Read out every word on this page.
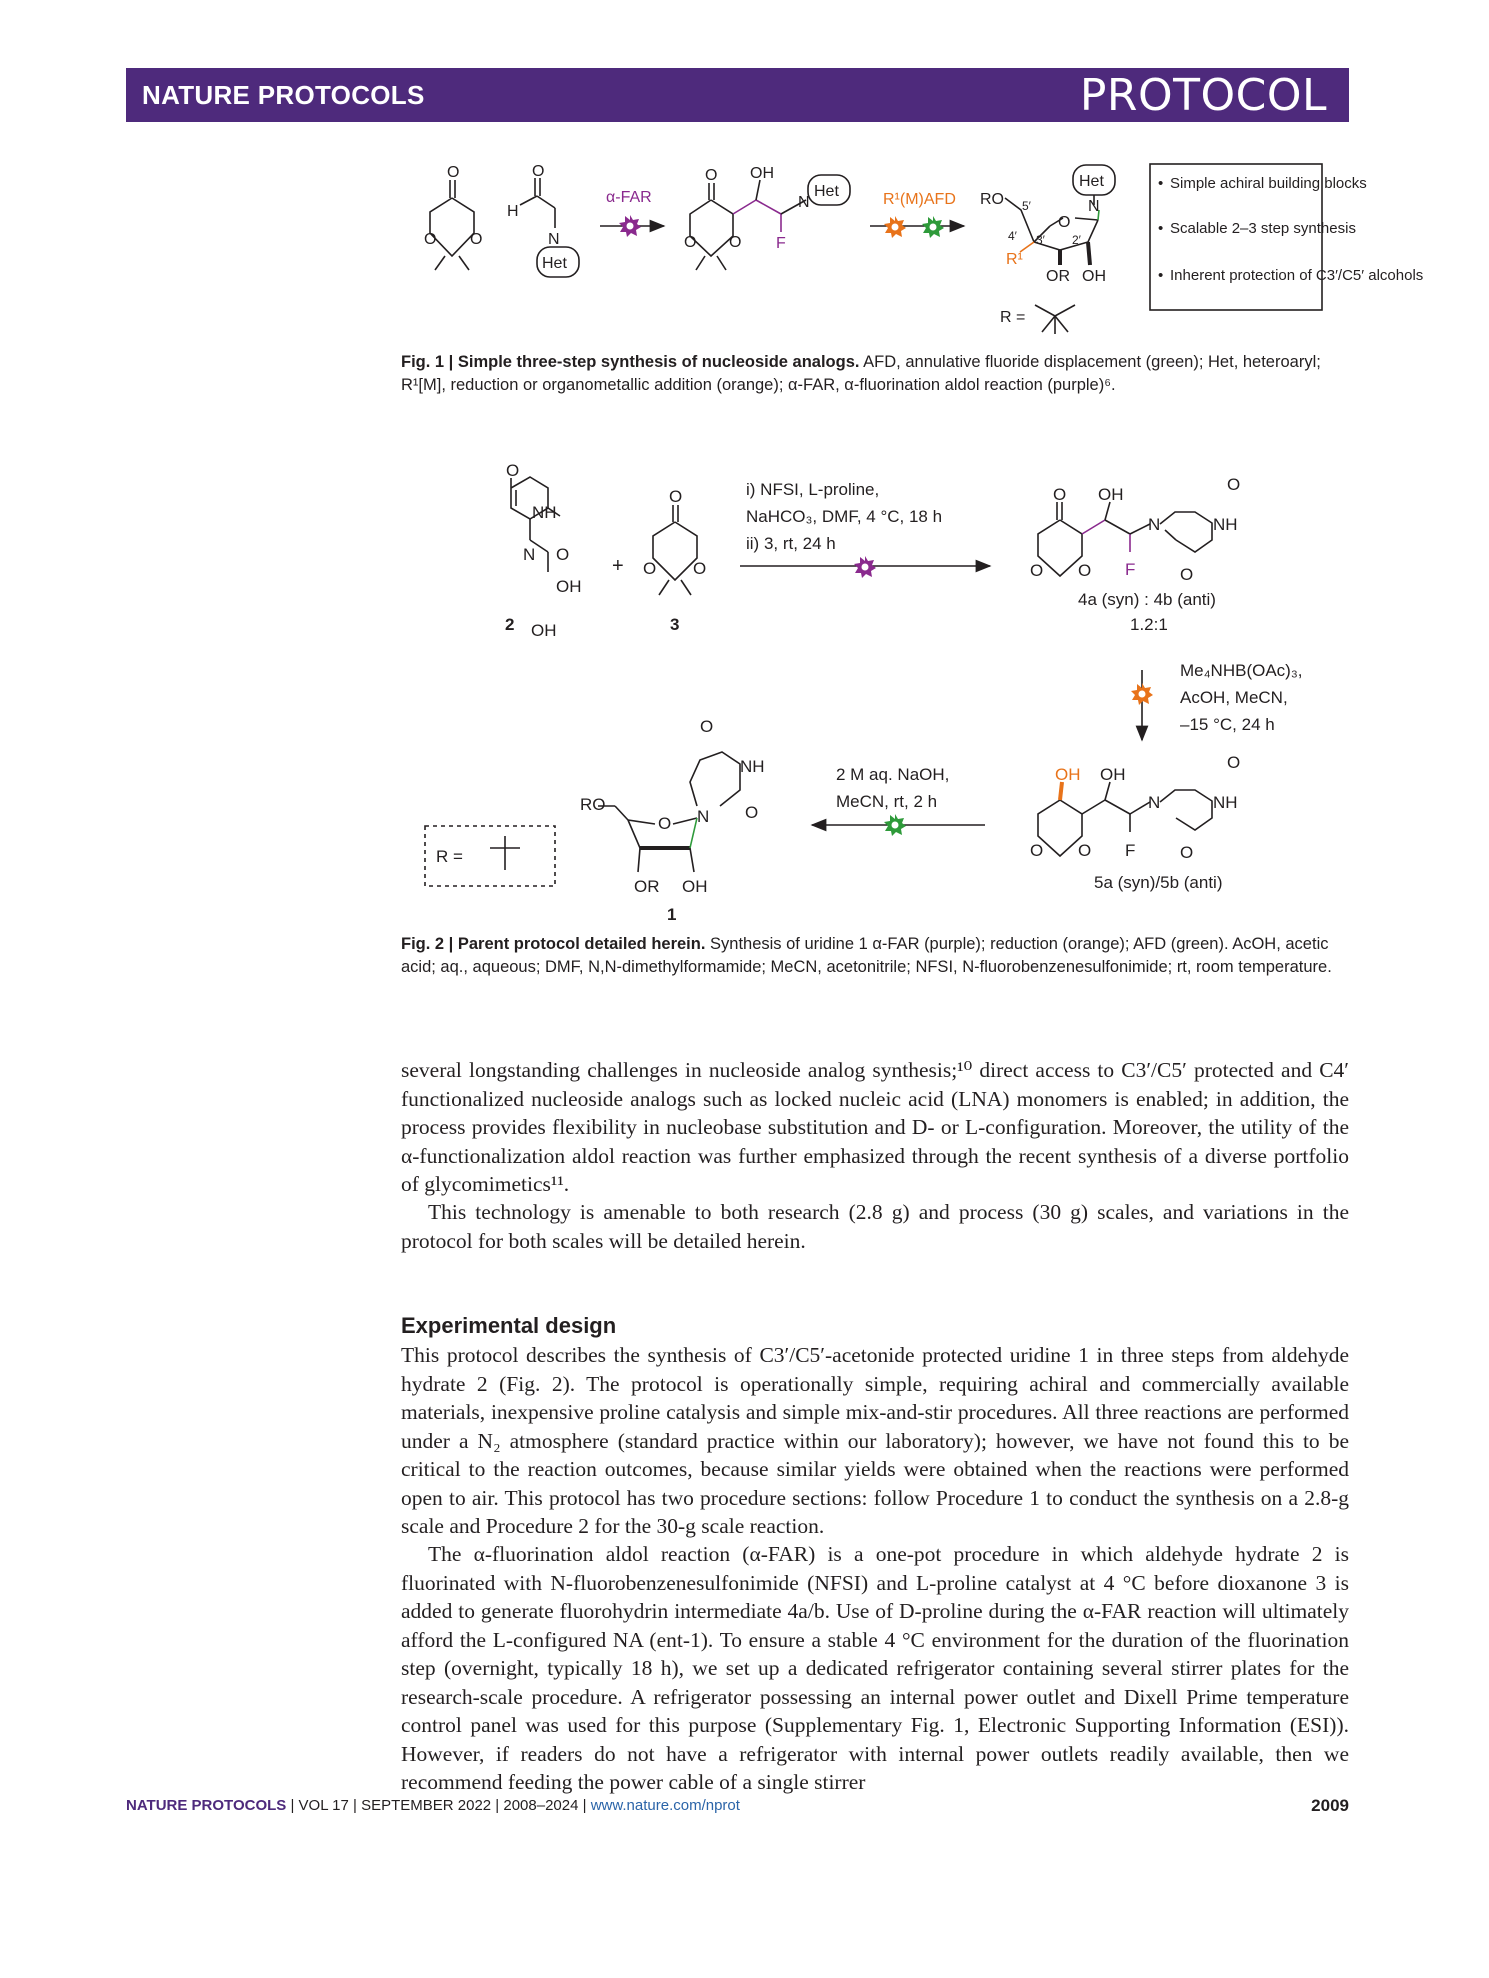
NATURE PROTOCOLS	PROTOCOL
O
O O
O
H
N
Het
O
O O
OH
F
N
Het	RO
O
N
Het
OR OH
R¹
R =
5′
4′ 3′ 2′
α-FAR	R¹(M)AFD
• Simple achiral building blocks
• Scalable 2–3 step synthesis
• Inherent protection of C3′/C5′ alcohols
O
NH
O
N
OH
OH
2
+
O
O O
3
i) NFSI, L-proline,
NaHCO₃, DMF, 4 °C, 18 h
ii) 3, rt, 24 h
O OH
N	NH
O
O
F
O O
4a (syn) : 4b (anti)
1.2:1
Me₄NHB(OAc)₃,
AcOH, MeCN,
–15 °C, 24 h
OH OH
N	NH
O
O
F
O O
5a (syn)/5b (anti)
2 M aq. NaOH,
MeCN, rt, 2 h
RO
O N
NH
O
O
OR OH
1
R =
Fig. 1 | Simple three-step synthesis of nucleoside analogs. AFD, annulative fluoride displacement (green); Het, heteroaryl; R¹[M], reduction or organometallic addition (orange); α-FAR, α-fluorination aldol reaction (purple)⁶.
Fig. 2 | Parent protocol detailed herein. Synthesis of uridine 1 α-FAR (purple); reduction (orange); AFD (green). AcOH, acetic acid; aq., aqueous; DMF, N,N-dimethylformamide; MeCN, acetonitrile; NFSI, N-fluorobenzenesulfonimide; rt, room temperature.

several longstanding challenges in nucleoside analog synthesis;¹⁰ direct access to C3′/C5′ protected and C4′ functionalized nucleoside analogs such as locked nucleic acid (LNA) monomers is enabled; in addition, the process provides flexibility in nucleobase substitution and D- or L-configuration. Moreover, the utility of the α-functionalization aldol reaction was further emphasized through the recent synthesis of a diverse portfolio of glycomimetics¹¹.

This technology is amenable to both research (2.8 g) and process (30 g) scales, and variations in the protocol for both scales will be detailed herein.

Experimental design

This protocol describes the synthesis of C3′/C5′-acetonide protected uridine 1 in three steps from aldehyde hydrate 2 (Fig. 2). The protocol is operationally simple, requiring achiral and commercially available materials, inexpensive proline catalysis and simple mix-and-stir procedures. All three reactions are performed under a N₂ atmosphere (standard practice within our laboratory); however, we have not found this to be critical to the reaction outcomes, because similar yields were obtained when the reactions were performed open to air. This protocol has two procedure sections: follow Procedure 1 to conduct the synthesis on a 2.8-g scale and Procedure 2 for the 30-g scale reaction.

The α-fluorination aldol reaction (α-FAR) is a one-pot procedure in which aldehyde hydrate 2 is fluorinated with N-fluorobenzenesulfonimide (NFSI) and L-proline catalyst at 4 °C before dioxanone 3 is added to generate fluorohydrin intermediate 4a/b. Use of D-proline during the α-FAR reaction will ultimately afford the L-configured NA (ent-1). To ensure a stable 4 °C environment for the duration of the fluorination step (overnight, typically 18 h), we set up a dedicated refrigerator containing several stirrer plates for the research-scale procedure. A refrigerator possessing an internal power outlet and Dixell Prime temperature control panel was used for this purpose (Supplementary Fig. 1, Electronic Supporting Information (ESI)). However, if readers do not have a refrigerator with internal power outlets readily available, then we recommend feeding the power cable of a single stirrer

NATURE PROTOCOLS | VOL 17 | SEPTEMBER 2022 | 2008–2024 | www.nature.com/nprot	2009
